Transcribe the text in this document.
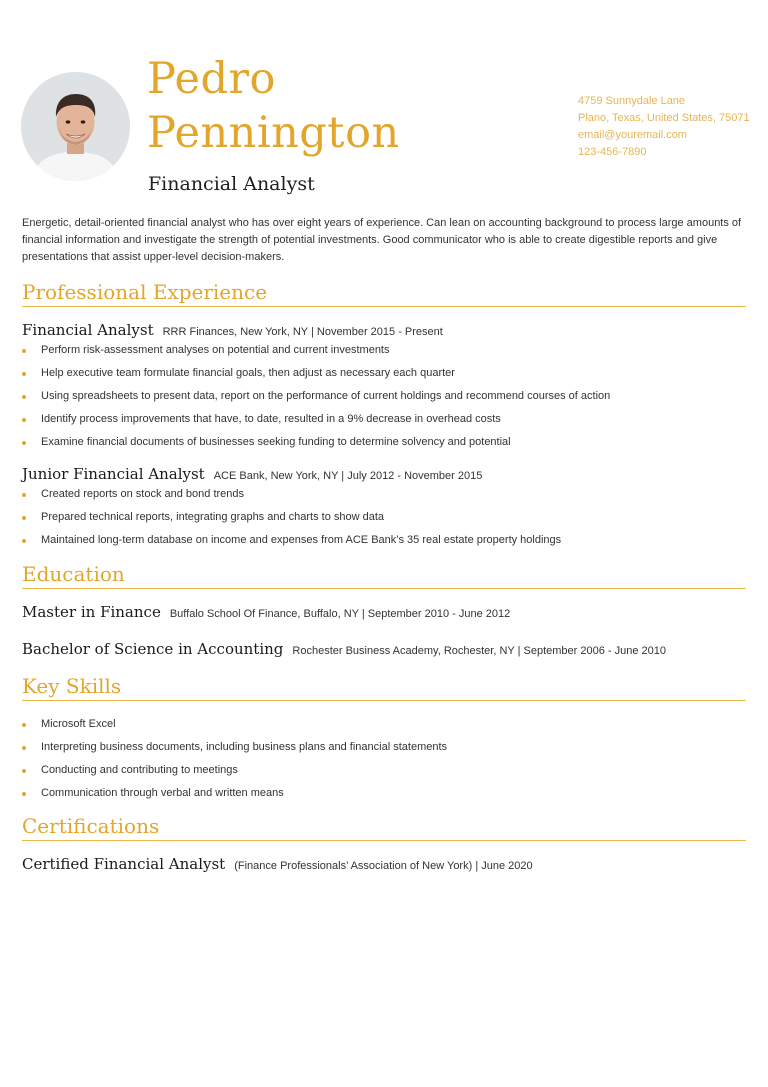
Pedro
Pennington
Financial Analyst
4759 Sunnydale Lane
Plano, Texas, United States, 75071
email@youremail.com
123-456-7890

Energetic, detail-oriented financial analyst who has over eight years of experience. Can lean on accounting background to process large amounts of financial information and investigate the strength of potential investments. Good communicator who is able to create digestible reports and give presentations that assist upper-level decision-makers.

Professional Experience
Financial Analyst RRR Finances, New York, NY | November 2015 - Present
Perform risk-assessment analyses on potential and current investments
Help executive team formulate financial goals, then adjust as necessary each quarter
Using spreadsheets to present data, report on the performance of current holdings and recommend courses of action
Identify process improvements that have, to date, resulted in a 9% decrease in overhead costs
Examine financial documents of businesses seeking funding to determine solvency and potential
Junior Financial Analyst ACE Bank, New York, NY | July 2012 - November 2015
Created reports on stock and bond trends
Prepared technical reports, integrating graphs and charts to show data
Maintained long-term database on income and expenses from ACE Bank’s 35 real estate property holdings
Education
Master in Finance Buffalo School Of Finance, Buffalo, NY | September 2010 - June 2012
Bachelor of Science in Accounting Rochester Business Academy, Rochester, NY | September 2006 - June 2010
Key Skills
Microsoft Excel
Interpreting business documents, including business plans and financial statements
Conducting and contributing to meetings
Communication through verbal and written means
Certifications
Certified Financial Analyst (Finance Professionals’ Association of New York) | June 2020
